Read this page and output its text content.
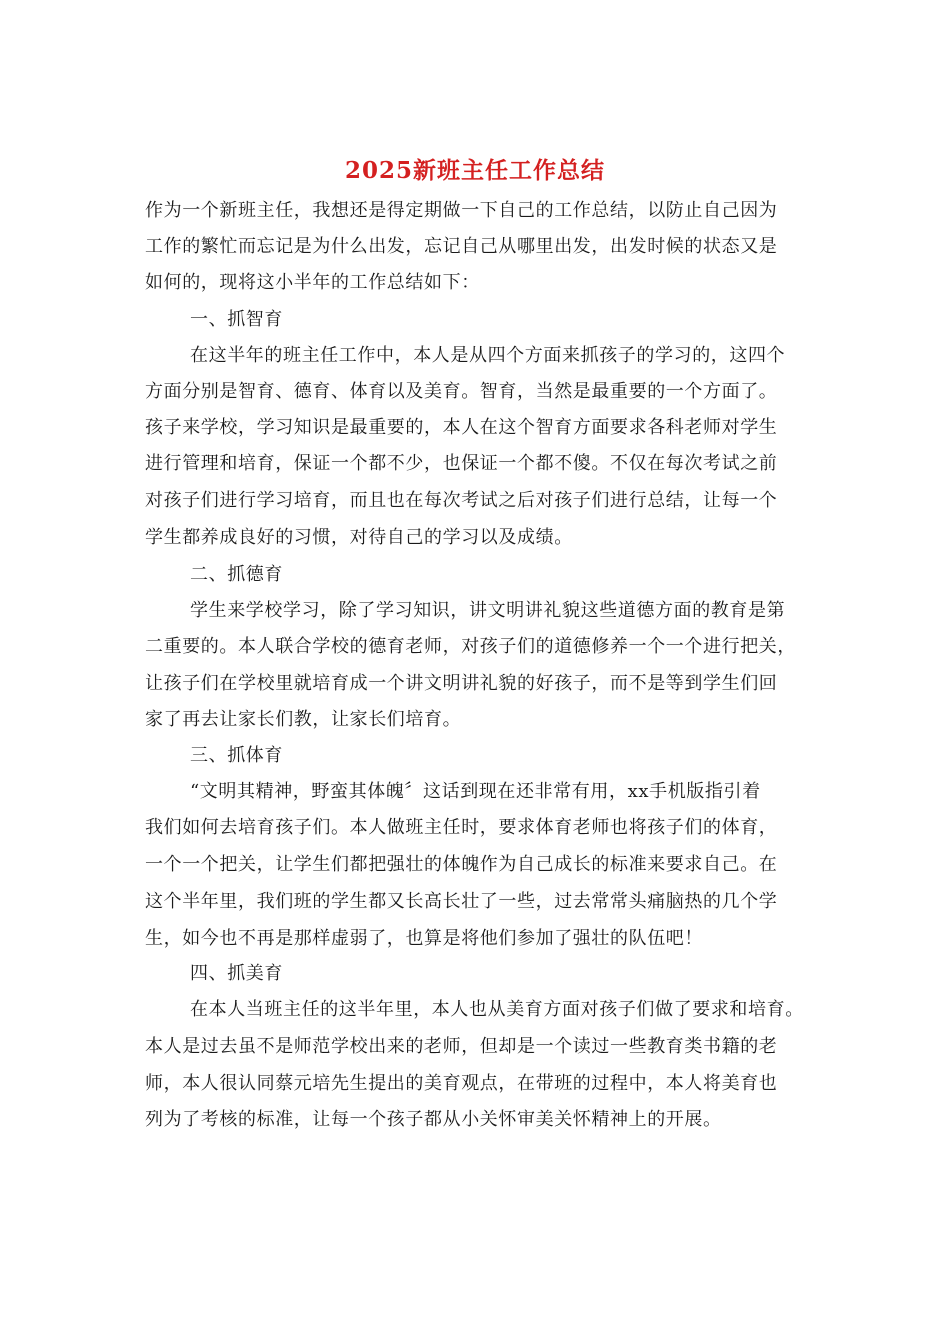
2025新班主任工作总结
作为一个新班主任，我想还是得定期做一下自己的工作总结，以防止自己因为
工作的繁忙而忘记是为什么出发，忘记自己从哪里出发，出发时候的状态又是
如何的，现将这小半年的工作总结如下：
一、抓智育
在这半年的班主任工作中，本人是从四个方面来抓孩子的学习的，这四个
方面分别是智育、德育、体育以及美育。智育，当然是最重要的一个方面了。
孩子来学校，学习知识是最重要的，本人在这个智育方面要求各科老师对学生
进行管理和培育，保证一个都不少，也保证一个都不傻。不仅在每次考试之前
对孩子们进行学习培育，而且也在每次考试之后对孩子们进行总结，让每一个
学生都养成良好的习惯，对待自己的学习以及成绩。
二、抓德育
学生来学校学习，除了学习知识，讲文明讲礼貌这些道德方面的教育是第
二重要的。本人联合学校的德育老师，对孩子们的道德修养一个一个进行把关，
让孩子们在学校里就培育成一个讲文明讲礼貌的好孩子，而不是等到学生们回
家了再去让家长们教，让家长们培育。
三、抓体育
“文明其精神，野蛮其体魄〞这话到现在还非常有用，xx手机版指引着
我们如何去培育孩子们。本人做班主任时，要求体育老师也将孩子们的体育，
一个一个把关，让学生们都把强壮的体魄作为自己成长的标准来要求自己。在
这个半年里，我们班的学生都又长高长壮了一些，过去常常头痛脑热的几个学
生，如今也不再是那样虚弱了，也算是将他们参加了强壮的队伍吧！
四、抓美育
在本人当班主任的这半年里，本人也从美育方面对孩子们做了要求和培育。
本人是过去虽不是师范学校出来的老师，但却是一个读过一些教育类书籍的老
师，本人很认同蔡元培先生提出的美育观点，在带班的过程中，本人将美育也
列为了考核的标准，让每一个孩子都从小关怀审美关怀精神上的开展。
